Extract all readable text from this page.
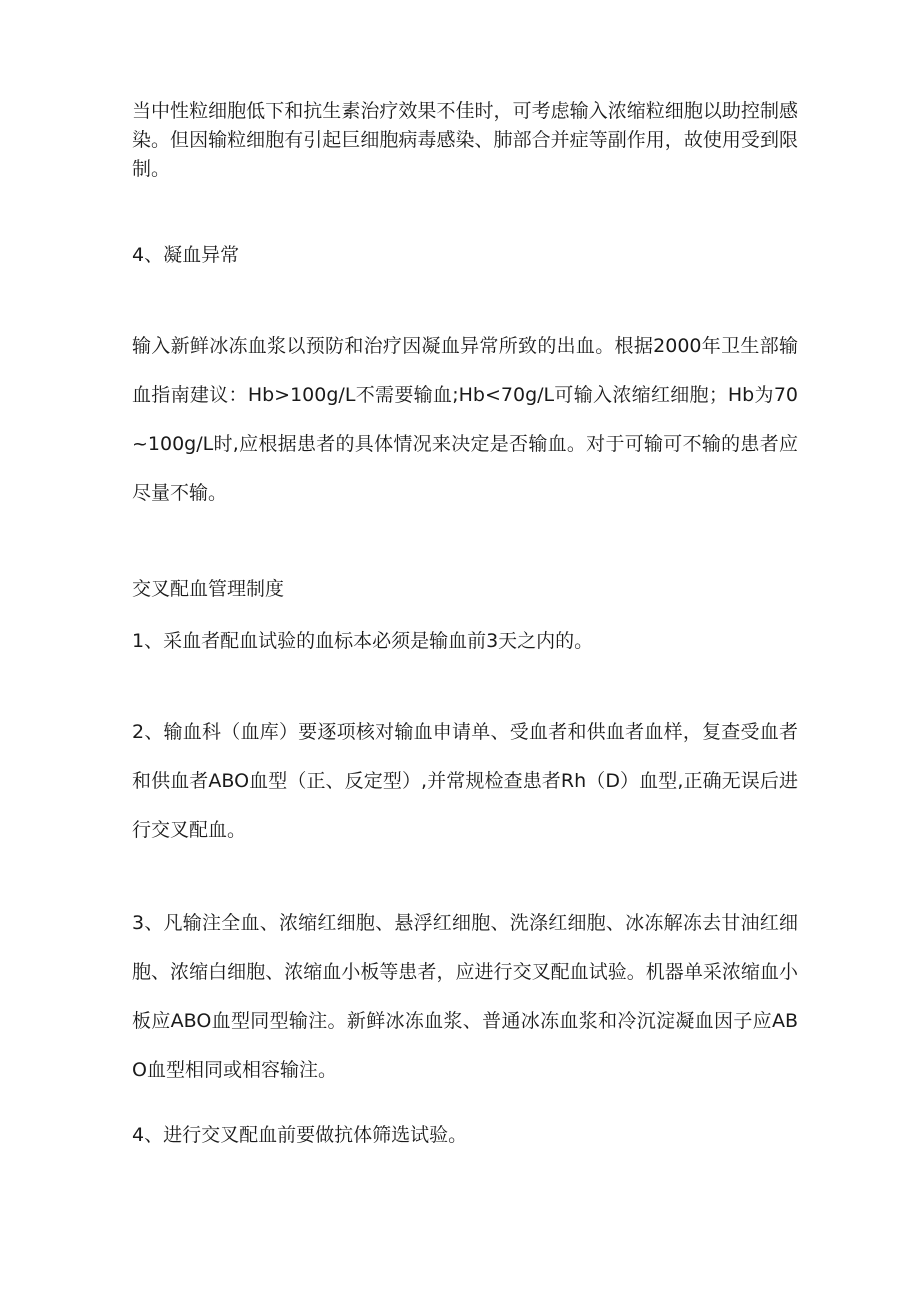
当中性粒细胞低下和抗生素治疗效果不佳时，可考虑输入浓缩粒细胞以助控制感染。但因输粒细胞有引起巨细胞病毒感染、肺部合并症等副作用，故使用受到限制。

4、凝血异常

输入新鲜冰冻血浆以预防和治疗因凝血异常所致的出血。根据2000年卫生部输血指南建议：Hb>100g/L不需要输血;Hb<70g/L可输入浓缩红细胞；Hb为70~100g/L时,应根据患者的具体情况来决定是否输血。对于可输可不输的患者应尽量不输。

交叉配血管理制度

1、采血者配血试验的血标本必须是输血前3天之内的。

2、输血科（血库）要逐项核对输血申请单、受血者和供血者血样，复查受血者和供血者ABO血型（正、反定型）,并常规检查患者Rh（D）血型,正确无误后进行交叉配血。

3、凡输注全血、浓缩红细胞、悬浮红细胞、洗涤红细胞、冰冻解冻去甘油红细胞、浓缩白细胞、浓缩血小板等患者，应进行交叉配血试验。机器单采浓缩血小板应ABO血型同型输注。新鲜冰冻血浆、普通冰冻血浆和冷沉淀凝血因子应ABO血型相同或相容输注。

4、进行交叉配血前要做抗体筛选试验。
